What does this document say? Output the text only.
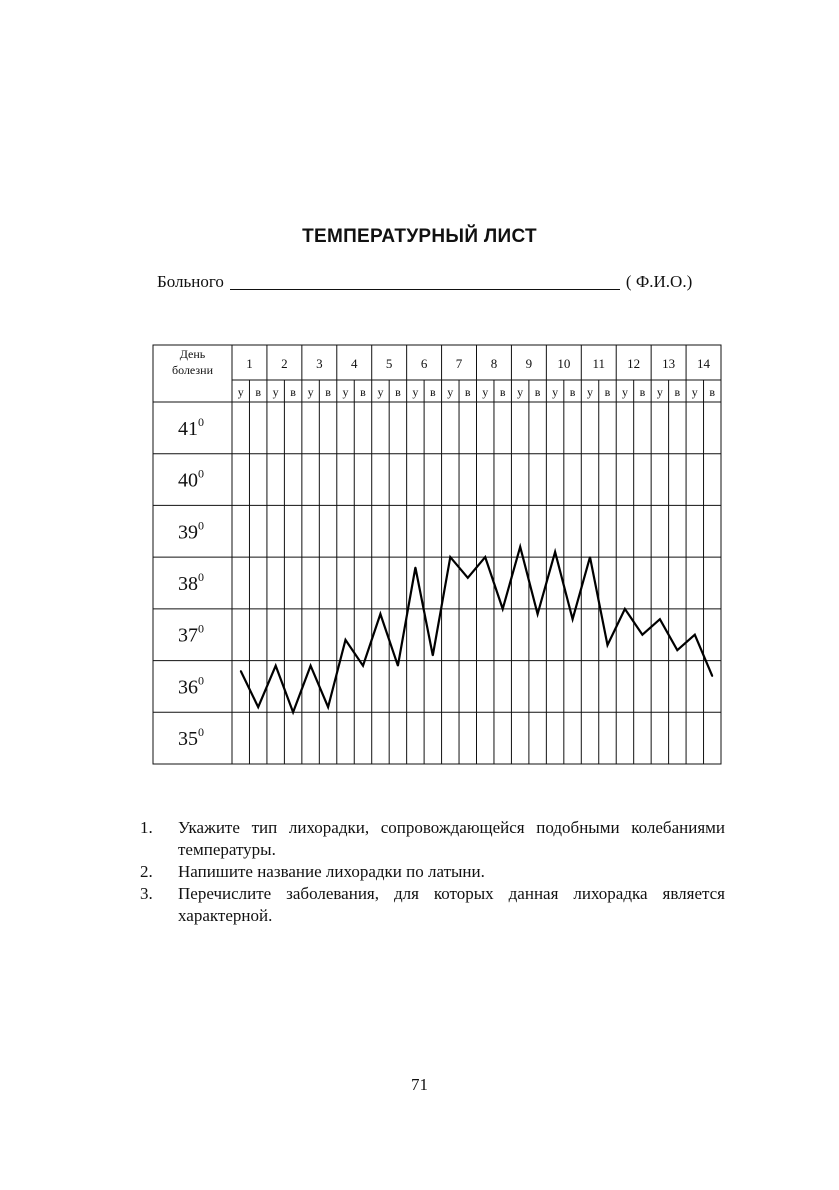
ТЕМПЕРАТУРНЫЙ ЛИСТ
Больного	( Ф.И.О.)
День
болезни	1 2 3 4 5 6 7 8 9 10 11 12 13 14
у в у в у в у в у в у в у в у в у в у в у в у в у в у в
$41^0$
$40^0$
$39^0$
$38^0$
$37^0$
$36^0$
$35^0$
1.	Укажите тип лихорадки, сопровождающейся подобными колебаниями температуры.
2.	Напишите название лихорадки по латыни.
3.	Перечислите заболевания, для которых данная лихорадка является характерной.
71
